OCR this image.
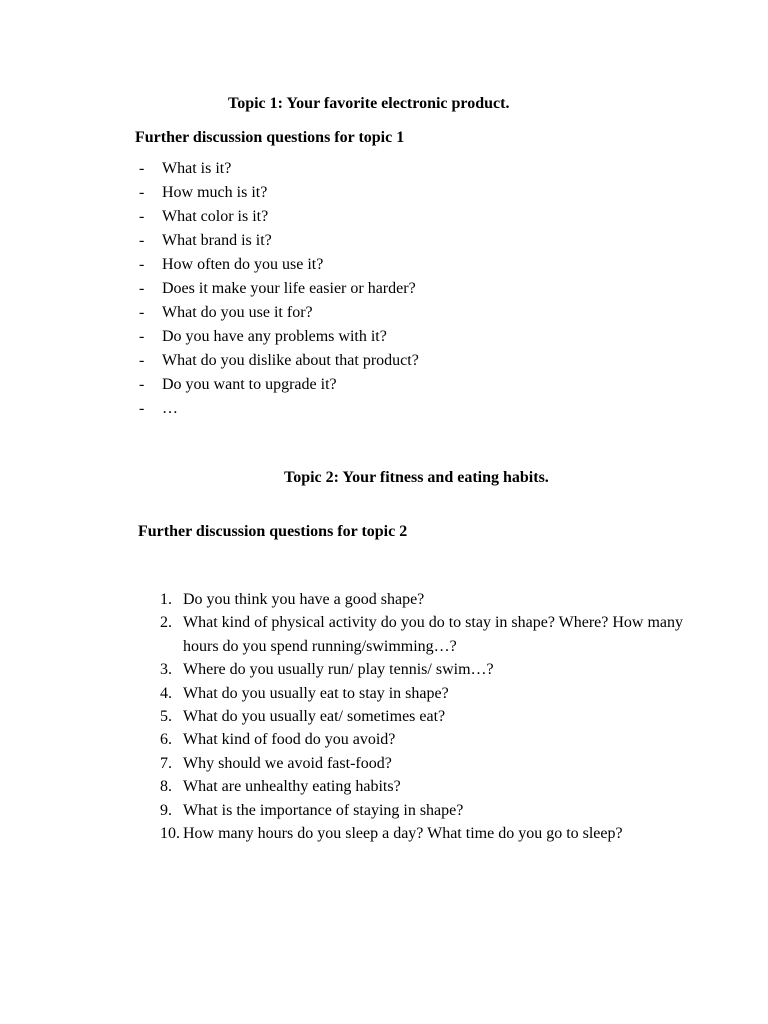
Topic 1: Your favorite electronic product.
Further discussion questions for topic 1
- What is it?
- How much is it?
- What color is it?
- What brand is it?
- How often do you use it?
- Does it make your life easier or harder?
- What do you use it for?
- Do you have any problems with it?
- What do you dislike about that product?
- Do you want to upgrade it?
- …
Topic 2: Your fitness and eating habits.
Further discussion questions for topic 2
1. Do you think you have a good shape?
2. What kind of physical activity do you do to stay in shape? Where? How many hours do you spend running/swimming…?
3. Where do you usually run/ play tennis/ swim…?
4. What do you usually eat to stay in shape?
5. What do you usually eat/ sometimes eat?
6. What kind of food do you avoid?
7. Why should we avoid fast-food?
8. What are unhealthy eating habits?
9. What is the importance of staying in shape?
10. How many hours do you sleep a day? What time do you go to sleep?
